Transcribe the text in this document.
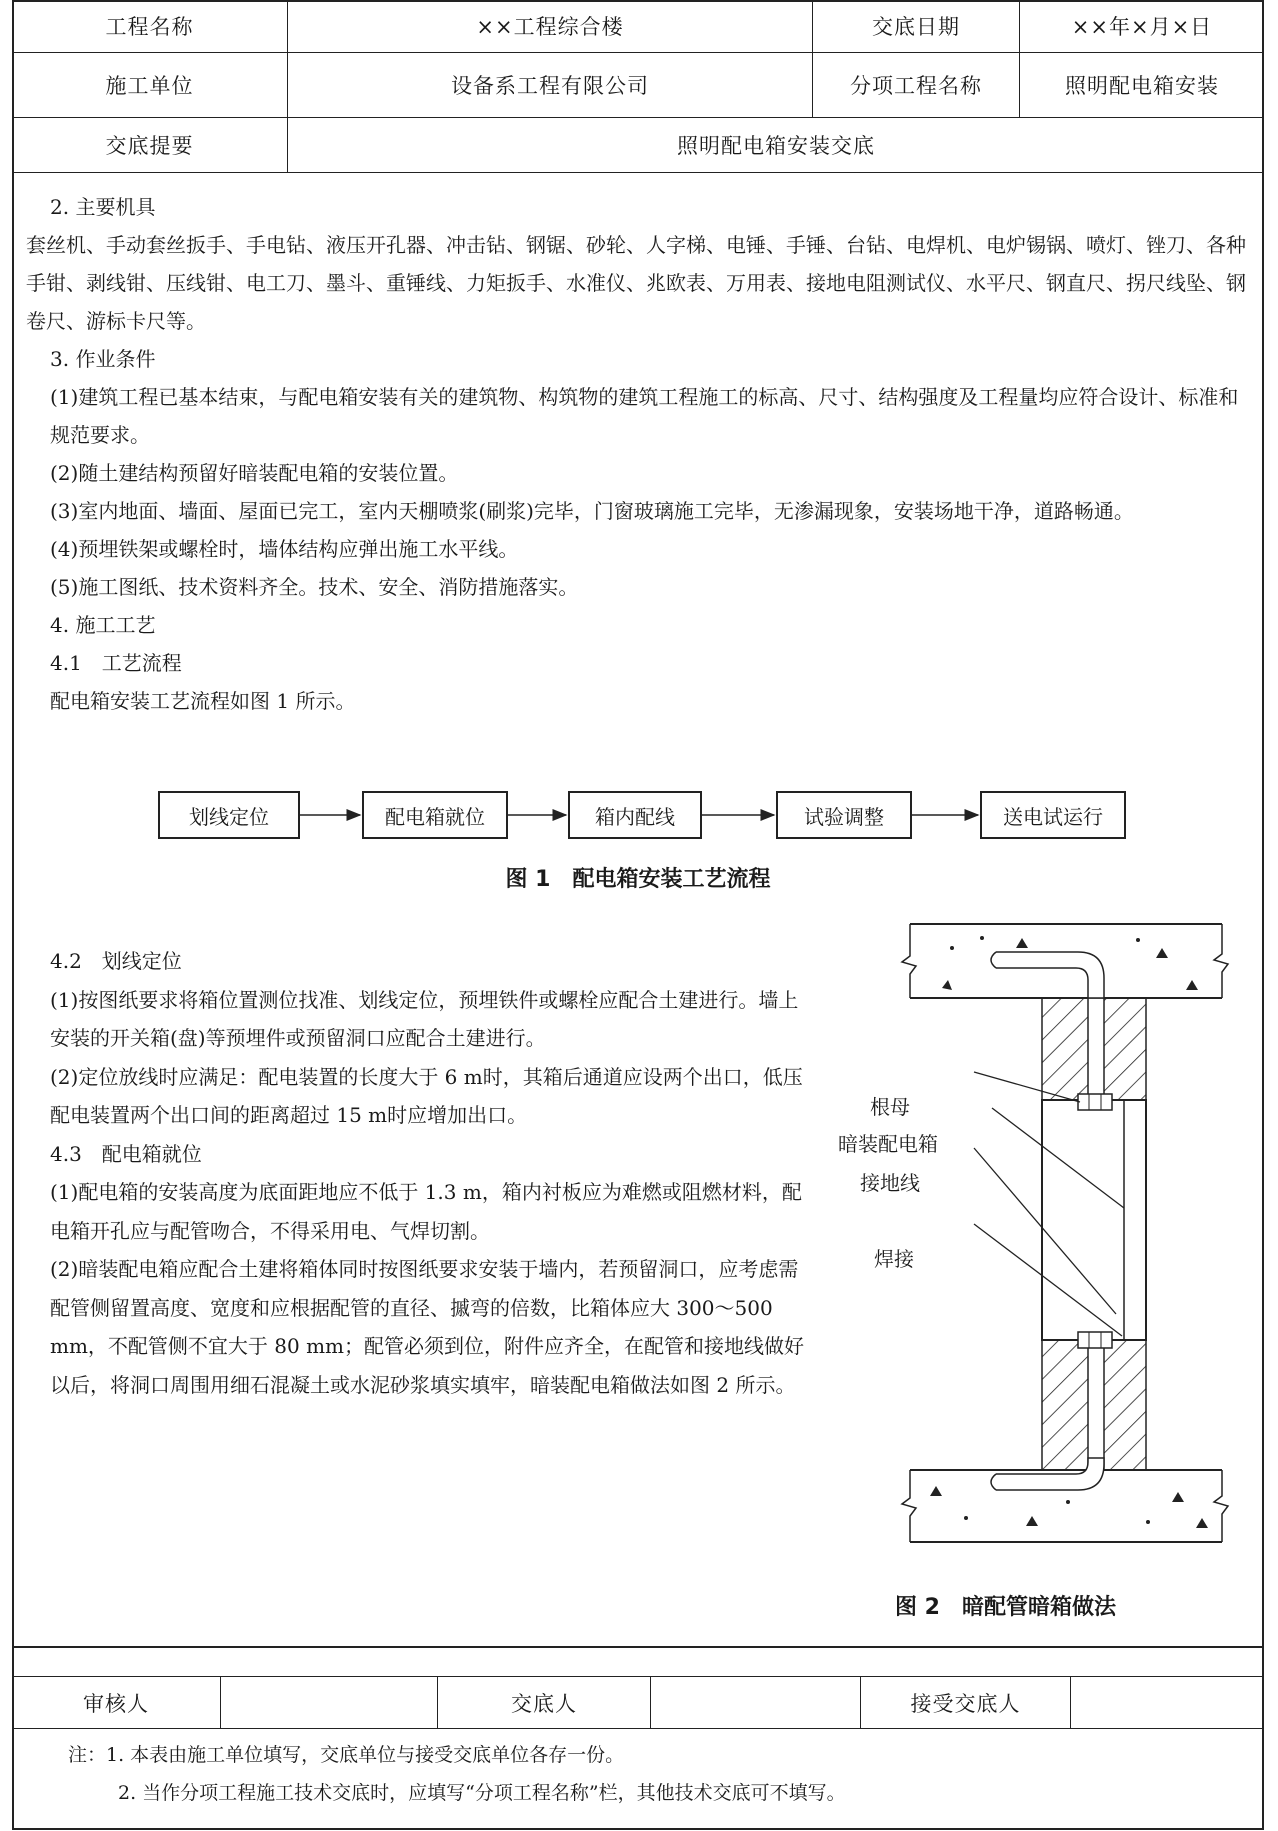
工程名称	××工程综合楼	交底日期	××年×月×日
施工单位	设备系工程有限公司	分项工程名称	照明配电箱安装
交底提要	照明配电箱安装交底

2. 主要机具

套丝机、手动套丝扳手、手电钻、液压开孔器、冲击钻、钢锯、砂轮、人字梯、电锤、手锤、台钻、电焊机、电炉锡锅、喷灯、锉刀、各种手钳、剥线钳、压线钳、电工刀、墨斗、重锤线、力矩扳手、水准仪、兆欧表、万用表、接地电阻测试仪、水平尺、钢直尺、拐尺线坠、钢卷尺、游标卡尺等。

3. 作业条件

(1)建筑工程已基本结束，与配电箱安装有关的建筑物、构筑物的建筑工程施工的标高、尺寸、结构强度及工程量均应符合设计、标准和规范要求。

(2)随土建结构预留好暗装配电箱的安装位置。

(3)室内地面、墙面、屋面已完工，室内天棚喷浆(刷浆)完毕，门窗玻璃施工完毕，无渗漏现象，安装场地干净，道路畅通。

(4)预埋铁架或螺栓时，墙体结构应弹出施工水平线。

(5)施工图纸、技术资料齐全。技术、安全、消防措施落实。

4. 施工工艺

4.1　工艺流程

配电箱安装工艺流程如图 1 所示。

划线定位	配电箱就位	箱内配线	试验调整	送电试运行
图 1　配电箱安装工艺流程

4.2　划线定位

(1)按图纸要求将箱位置测位找准、划线定位，预埋铁件或螺栓应配合土建进行。墙上安装的开关箱(盘)等预埋件或预留洞口应配合土建进行。

(2)定位放线时应满足：配电装置的长度大于 6 m时，其箱后通道应设两个出口，低压配电装置两个出口间的距离超过 15 m时应增加出口。

4.3　配电箱就位

(1)配电箱的安装高度为底面距地应不低于 1.3 m，箱内衬板应为难燃或阻燃材料，配电箱开孔应与配管吻合，不得采用电、气焊切割。

(2)暗装配电箱应配合土建将箱体同时按图纸要求安装于墙内，若预留洞口，应考虑需配管侧留置高度、宽度和应根据配管的直径、摵弯的倍数，比箱体应大 300～500 mm，不配管侧不宜大于 80 mm；配管必须到位，附件应齐全，在配管和接地线做好以后，将洞口周围用细石混凝土或水泥砂浆填实填牢，暗装配电箱做法如图 2 所示。

根母
暗装配电箱
接地线
焊接
图 2　暗配管暗箱做法
审核人	交底人	接受交底人
注：1. 本表由施工单位填写，交底单位与接受交底单位各存一份。
2. 当作分项工程施工技术交底时，应填写“分项工程名称”栏，其他技术交底可不填写。
